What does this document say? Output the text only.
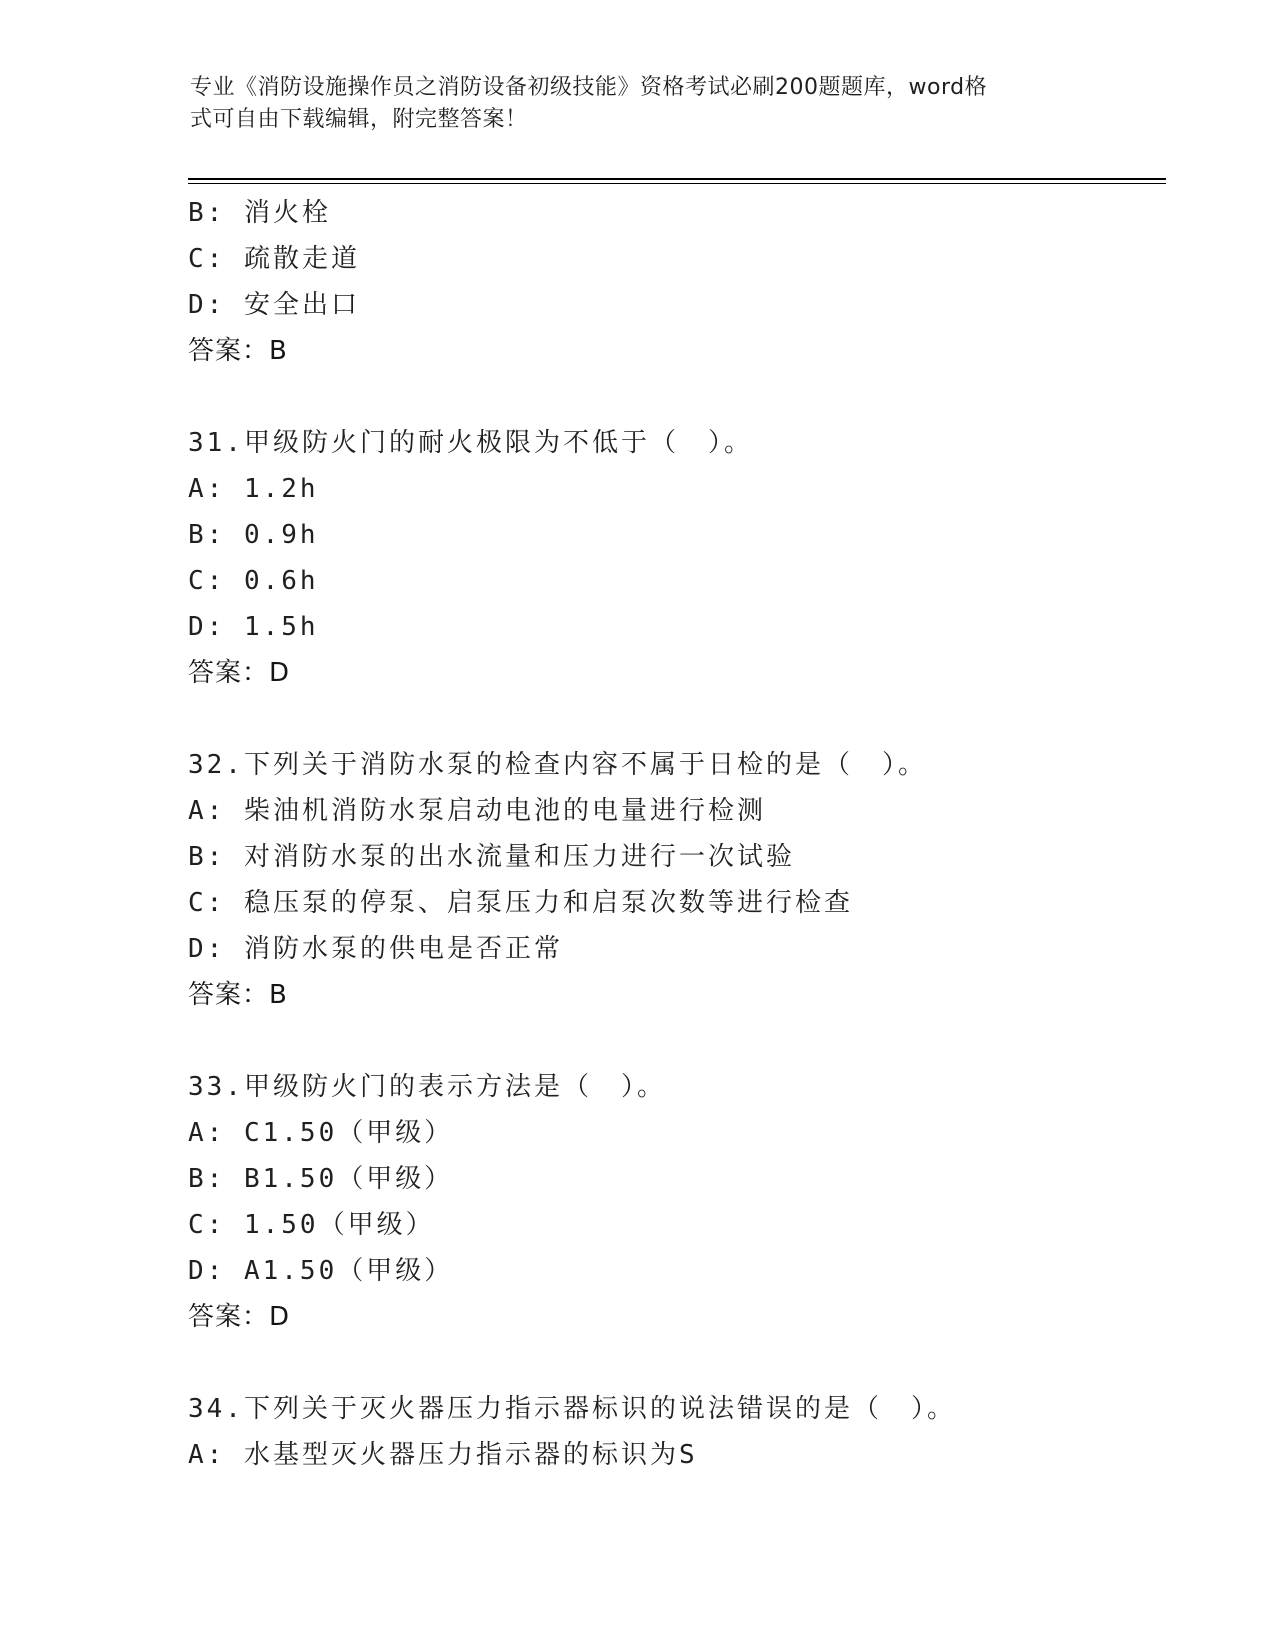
专业《消防设施操作员之消防设备初级技能》资格考试必刷200题题库，word格
式可自由下载编辑，附完整答案！
B: 消火栓
C: 疏散走道
D: 安全出口
答案：B
31.甲级防火门的耐火极限为不低于（　）。
A: 1.2h
B: 0.9h
C: 0.6h
D: 1.5h
答案：D
32.下列关于消防水泵的检查内容不属于日检的是（　）。
A: 柴油机消防水泵启动电池的电量进行检测
B: 对消防水泵的出水流量和压力进行一次试验
C: 稳压泵的停泵、启泵压力和启泵次数等进行检查
D: 消防水泵的供电是否正常
答案：B
33.甲级防火门的表示方法是（　）。
A: C1.50（甲级）
B: B1.50（甲级）
C: 1.50（甲级）
D: A1.50（甲级）
答案：D
34.下列关于灭火器压力指示器标识的说法错误的是（　）。
A: 水基型灭火器压力指示器的标识为S
